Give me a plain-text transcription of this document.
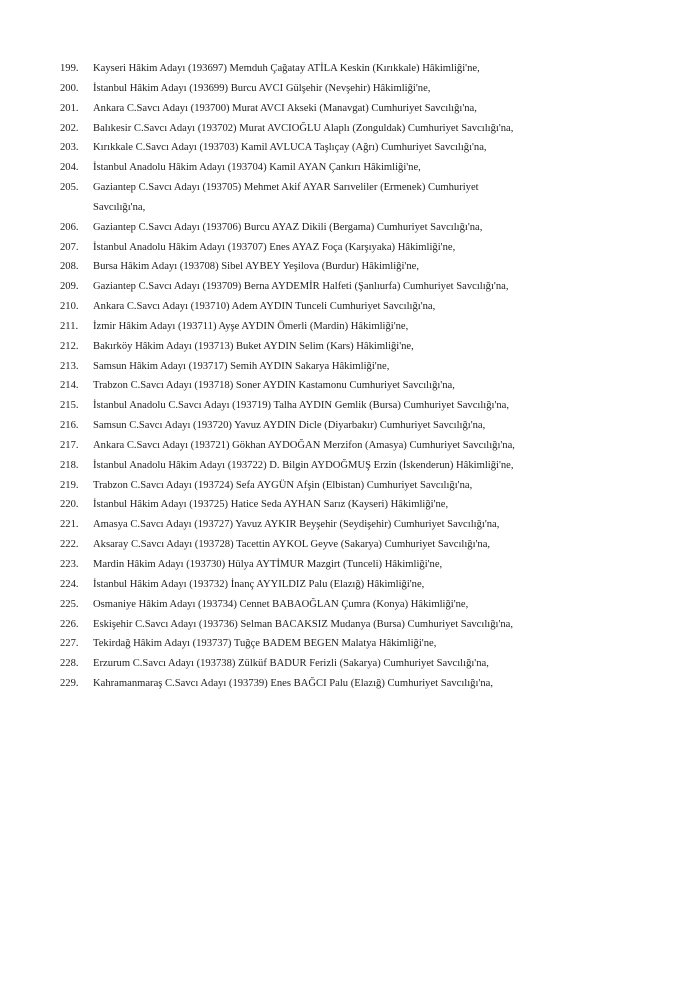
199. Kayseri Hâkim Adayı (193697) Memduh Çağatay ATİLA Keskin (Kırıkkale) Hâkimliği'ne,
200. İstanbul Hâkim Adayı (193699) Burcu AVCI Gülşehir (Nevşehir) Hâkimliği'ne,
201. Ankara C.Savcı Adayı (193700) Murat AVCI Akseki (Manavgat) Cumhuriyet Savcılığı'na,
202. Balıkesir C.Savcı Adayı (193702) Murat AVCIOĞLU Alaplı (Zonguldak) Cumhuriyet Savcılığı'na,
203. Kırıkkale C.Savcı Adayı (193703) Kamil AVLUCA Taşlıçay (Ağrı) Cumhuriyet Savcılığı'na,
204. İstanbul Anadolu Hâkim Adayı (193704) Kamil AYAN Çankırı Hâkimliği'ne,
205. Gaziantep C.Savcı Adayı (193705) Mehmet Akif AYAR Sarıveliler (Ermenek) Cumhuriyet
Savcılığı'na,
206. Gaziantep C.Savcı Adayı (193706) Burcu AYAZ Dikili (Bergama) Cumhuriyet Savcılığı'na,
207. İstanbul Anadolu Hâkim Adayı (193707) Enes AYAZ Foça (Karşıyaka) Hâkimliği'ne,
208. Bursa Hâkim Adayı (193708) Sibel AYBEY Yeşilova (Burdur) Hâkimliği'ne,
209. Gaziantep C.Savcı Adayı (193709) Berna AYDEMİR Halfeti (Şanlıurfa) Cumhuriyet Savcılığı'na,
210. Ankara C.Savcı Adayı (193710) Adem AYDIN Tunceli Cumhuriyet Savcılığı'na,
211. İzmir Hâkim Adayı (193711) Ayşe AYDIN Ömerli (Mardin) Hâkimliği'ne,
212. Bakırköy Hâkim Adayı (193713) Buket AYDIN Selim (Kars) Hâkimliği'ne,
213. Samsun Hâkim Adayı (193717) Semih AYDIN Sakarya Hâkimliği'ne,
214. Trabzon C.Savcı Adayı (193718) Soner AYDIN Kastamonu Cumhuriyet Savcılığı'na,
215. İstanbul Anadolu C.Savcı Adayı (193719) Talha AYDIN Gemlik (Bursa) Cumhuriyet Savcılığı'na,
216. Samsun C.Savcı Adayı (193720) Yavuz AYDIN Dicle (Diyarbakır) Cumhuriyet Savcılığı'na,
217. Ankara C.Savcı Adayı (193721) Gökhan AYDOĞAN Merzifon (Amasya) Cumhuriyet Savcılığı'na,
218. İstanbul Anadolu Hâkim Adayı (193722) D. Bilgin AYDOĞMUŞ Erzin (İskenderun) Hâkimliği'ne,
219. Trabzon C.Savcı Adayı (193724) Sefa AYGÜN Afşin (Elbistan) Cumhuriyet Savcılığı'na,
220. İstanbul Hâkim Adayı (193725) Hatice Seda AYHAN Sarız (Kayseri) Hâkimliği'ne,
221. Amasya C.Savcı Adayı (193727) Yavuz AYKIR Beyşehir (Seydişehir) Cumhuriyet Savcılığı'na,
222. Aksaray C.Savcı Adayı (193728) Tacettin AYKOL Geyve (Sakarya) Cumhuriyet Savcılığı'na,
223. Mardin Hâkim Adayı (193730) Hülya AYTİMUR Mazgirt (Tunceli) Hâkimliği'ne,
224. İstanbul Hâkim Adayı (193732) İnanç AYYILDIZ Palu (Elazığ) Hâkimliği'ne,
225. Osmaniye Hâkim Adayı (193734) Cennet BABAOĞLAN Çumra (Konya) Hâkimliği'ne,
226. Eskişehir C.Savcı Adayı (193736) Selman BACAKSIZ Mudanya (Bursa) Cumhuriyet Savcılığı'na,
227. Tekirdağ Hâkim Adayı (193737) Tuğçe BADEM BEGEN Malatya Hâkimliği'ne,
228. Erzurum C.Savcı Adayı (193738) Zülküf BADUR Ferizli (Sakarya) Cumhuriyet Savcılığı'na,
229. Kahramanmaraş C.Savcı Adayı (193739) Enes BAĞCI Palu (Elazığ) Cumhuriyet Savcılığı'na,
